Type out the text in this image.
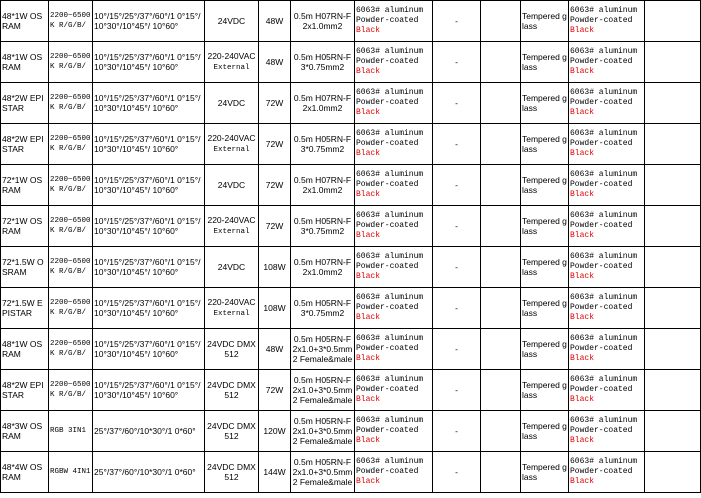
48*1W OSRAM	2200~6500K R/G/B/	10°/15°/25°/37°/60°/1 0°15°/10°30°/10°45°/ 10°60°	24VDC	48W	0.5m H07RN-F 2x1.0mm2	6063# aluminum
Powder-coated
Black	-		Tempered glass	6063# aluminum
Powder-coated
Black	
48*1W OSRAM	2200~6500K R/G/B/	10°/15°/25°/37°/60°/1 0°15°/10°30°/10°45°/ 10°60°	220-240VAC
External	48W	0.5m H05RN-F 3*0.75mm2	6063# aluminum
Powder-coated
Black	-		Tempered glass	6063# aluminum
Powder-coated
Black	
48*2W EPISTAR	2200~6500K R/G/B/	10°/15°/25°/37°/60°/1 0°15°/10°30°/10°45°/ 10°60°	24VDC	72W	0.5m H07RN-F 2x1.0mm2	6063# aluminum
Powder-coated
Black	-		Tempered glass	6063# aluminum
Powder-coated
Black	
48*2W EPISTAR	2200~6500K R/G/B/	10°/15°/25°/37°/60°/1 0°15°/10°30°/10°45°/ 10°60°	220-240VAC
External	72W	0.5m H05RN-F 3*0.75mm2	6063# aluminum
Powder-coated
Black	-		Tempered glass	6063# aluminum
Powder-coated
Black	
72*1W OSRAM	2200~6500K R/G/B/	10°/15°/25°/37°/60°/1 0°15°/10°30°/10°45°/ 10°60°	24VDC	72W	0.5m H07RN-F 2x1.0mm2	6063# aluminum
Powder-coated
Black	-		Tempered glass	6063# aluminum
Powder-coated
Black	
72*1W OSRAM	2200~6500K R/G/B/	10°/15°/25°/37°/60°/1 0°15°/10°30°/10°45°/ 10°60°	220-240VAC
External	72W	0.5m H05RN-F 3*0.75mm2	6063# aluminum
Powder-coated
Black	-		Tempered glass	6063# aluminum
Powder-coated
Black	
72*1.5W OSRAM	2200~6500K R/G/B/	10°/15°/25°/37°/60°/1 0°15°/10°30°/10°45°/ 10°60°	24VDC	108W	0.5m H07RN-F 2x1.0mm2	6063# aluminum
Powder-coated
Black	-		Tempered glass	6063# aluminum
Powder-coated
Black	
72*1.5W EPISTAR	2200~6500K R/G/B/	10°/15°/25°/37°/60°/1 0°15°/10°30°/10°45°/ 10°60°	220-240VAC
External	108W	0.5m H05RN-F 3*0.75mm2	6063# aluminum
Powder-coated
Black	-		Tempered glass	6063# aluminum
Powder-coated
Black	
48*1W OSRAM	2200~6500K R/G/B/	10°/15°/25°/37°/60°/1 0°15°/10°30°/10°45°/ 10°60°	24VDC DMX512	48W	0.5m H05RN-F 2x1.0+3*0.5mm 2 Female&male	6063# aluminum
Powder-coated
Black	-		Tempered glass	6063# aluminum
Powder-coated
Black	
48*2W EPISTAR	2200~6500K R/G/B/	10°/15°/25°/37°/60°/1 0°15°/10°30°/10°45°/ 10°60°	24VDC DMX512	72W	0.5m H05RN-F 2x1.0+3*0.5mm 2 Female&male	6063# aluminum
Powder-coated
Black	-		Tempered glass	6063# aluminum
Powder-coated
Black	
48*3W OSRAM	RGB 3IN1	25°/37°/60°/10*30°/1 0*60°	24VDC DMX512	120W	0.5m H05RN-F 2x1.0+3*0.5mm 2 Female&male	6063# aluminum
Powder-coated
Black	-		Tempered glass	6063# aluminum
Powder-coated
Black	
48*4W OSRAM	RGBW 4IN1	25°/37°/60°/10*30°/1 0*60°	24VDC DMX512	144W	0.5m H05RN-F 2x1.0+3*0.5mm 2 Female&male	6063# aluminum
Powder-coated
Black	-		Tempered glass	6063# aluminum
Powder-coated
Black	
